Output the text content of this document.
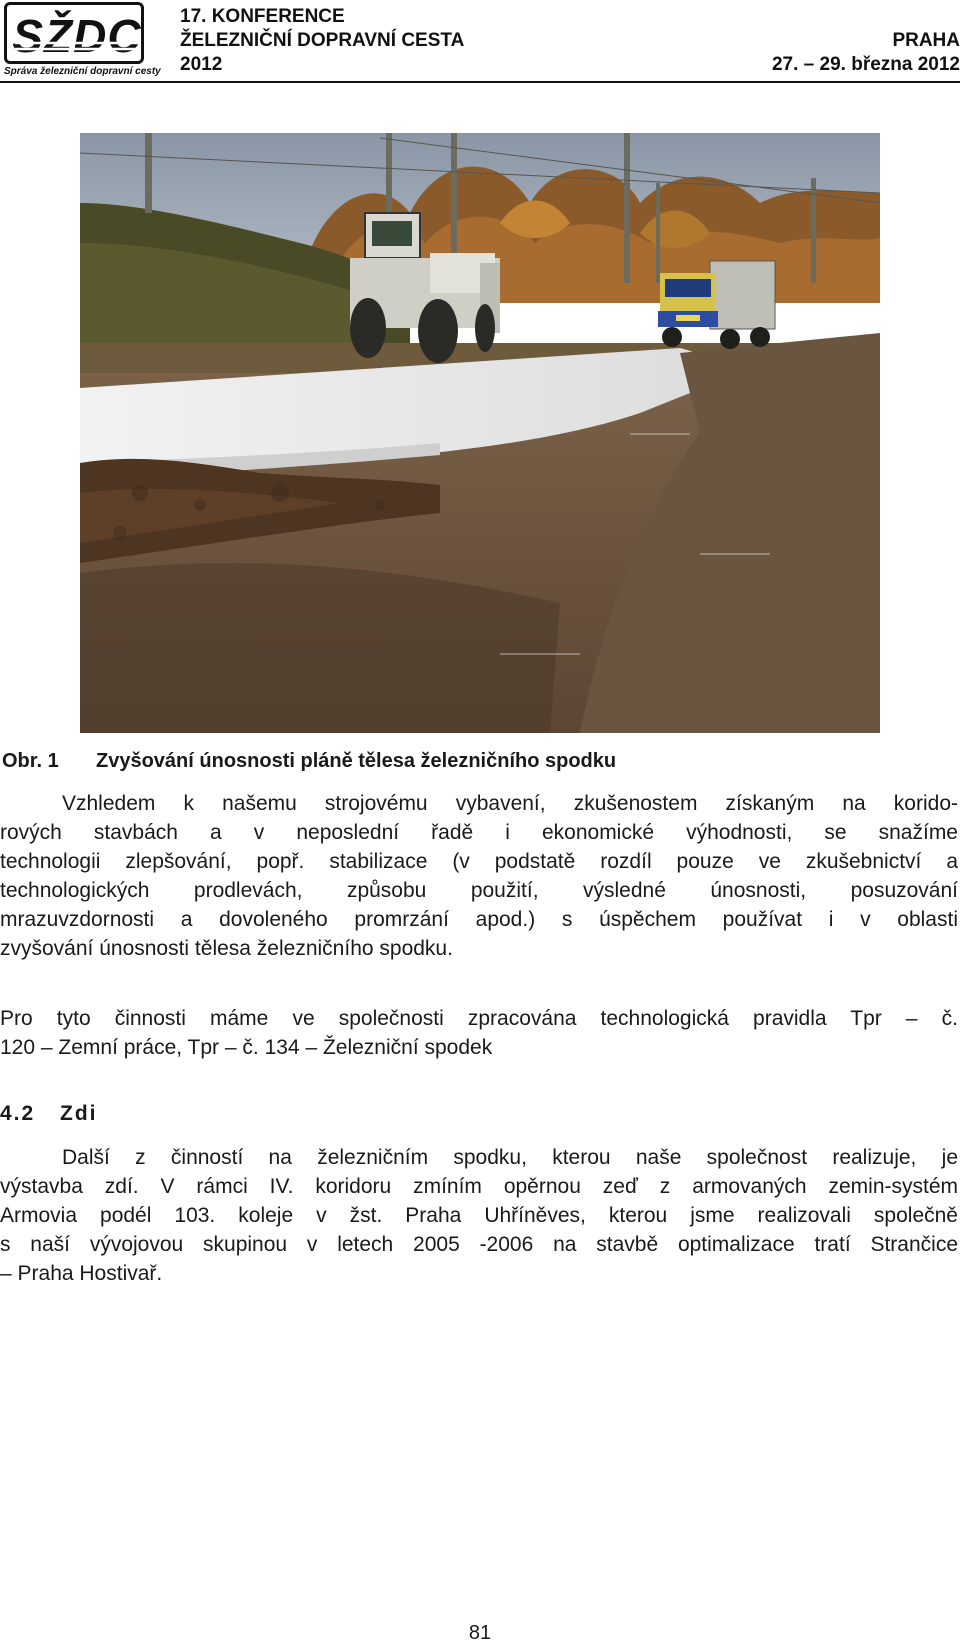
SŽDC
Správa železniční dopravní cesty
17. KONFERENCE
ŽELEZNIČNÍ DOPRAVNÍ CESTA
2012
PRAHA
27. – 29. března 2012
Obr. 1 Zvyšování únosnosti pláně tělesa železničního spodku
Vzhledem k našemu strojovému vybavení, zkušenostem získaným na korido-
rových stavbách a v neposlední řadě i ekonomické výhodnosti, se snažíme
technologii zlepšování, popř. stabilizace (v podstatě rozdíl pouze ve zkušebnictví a
technologických prodlevách, způsobu použití, výsledné únosnosti, posuzování
mrazuvzdornosti a dovoleného promrzání apod.) s úspěchem používat i v oblasti
zvyšování únosnosti tělesa železničního spodku.
Pro tyto činnosti máme ve společnosti zpracována technologická pravidla Tpr – č.
120 – Zemní práce, Tpr – č. 134 – Železniční spodek
4.2 Zdi
Další z činností na železničním spodku, kterou naše společnost realizuje, je
výstavba zdí. V rámci IV. koridoru zmíním opěrnou zeď z armovaných zemin-systém
Armovia podél 103. koleje v žst. Praha Uhříněves, kterou jsme realizovali společně
s naší vývojovou skupinou v letech 2005 -2006 na stavbě optimalizace tratí Strančice
– Praha Hostivař.
81
